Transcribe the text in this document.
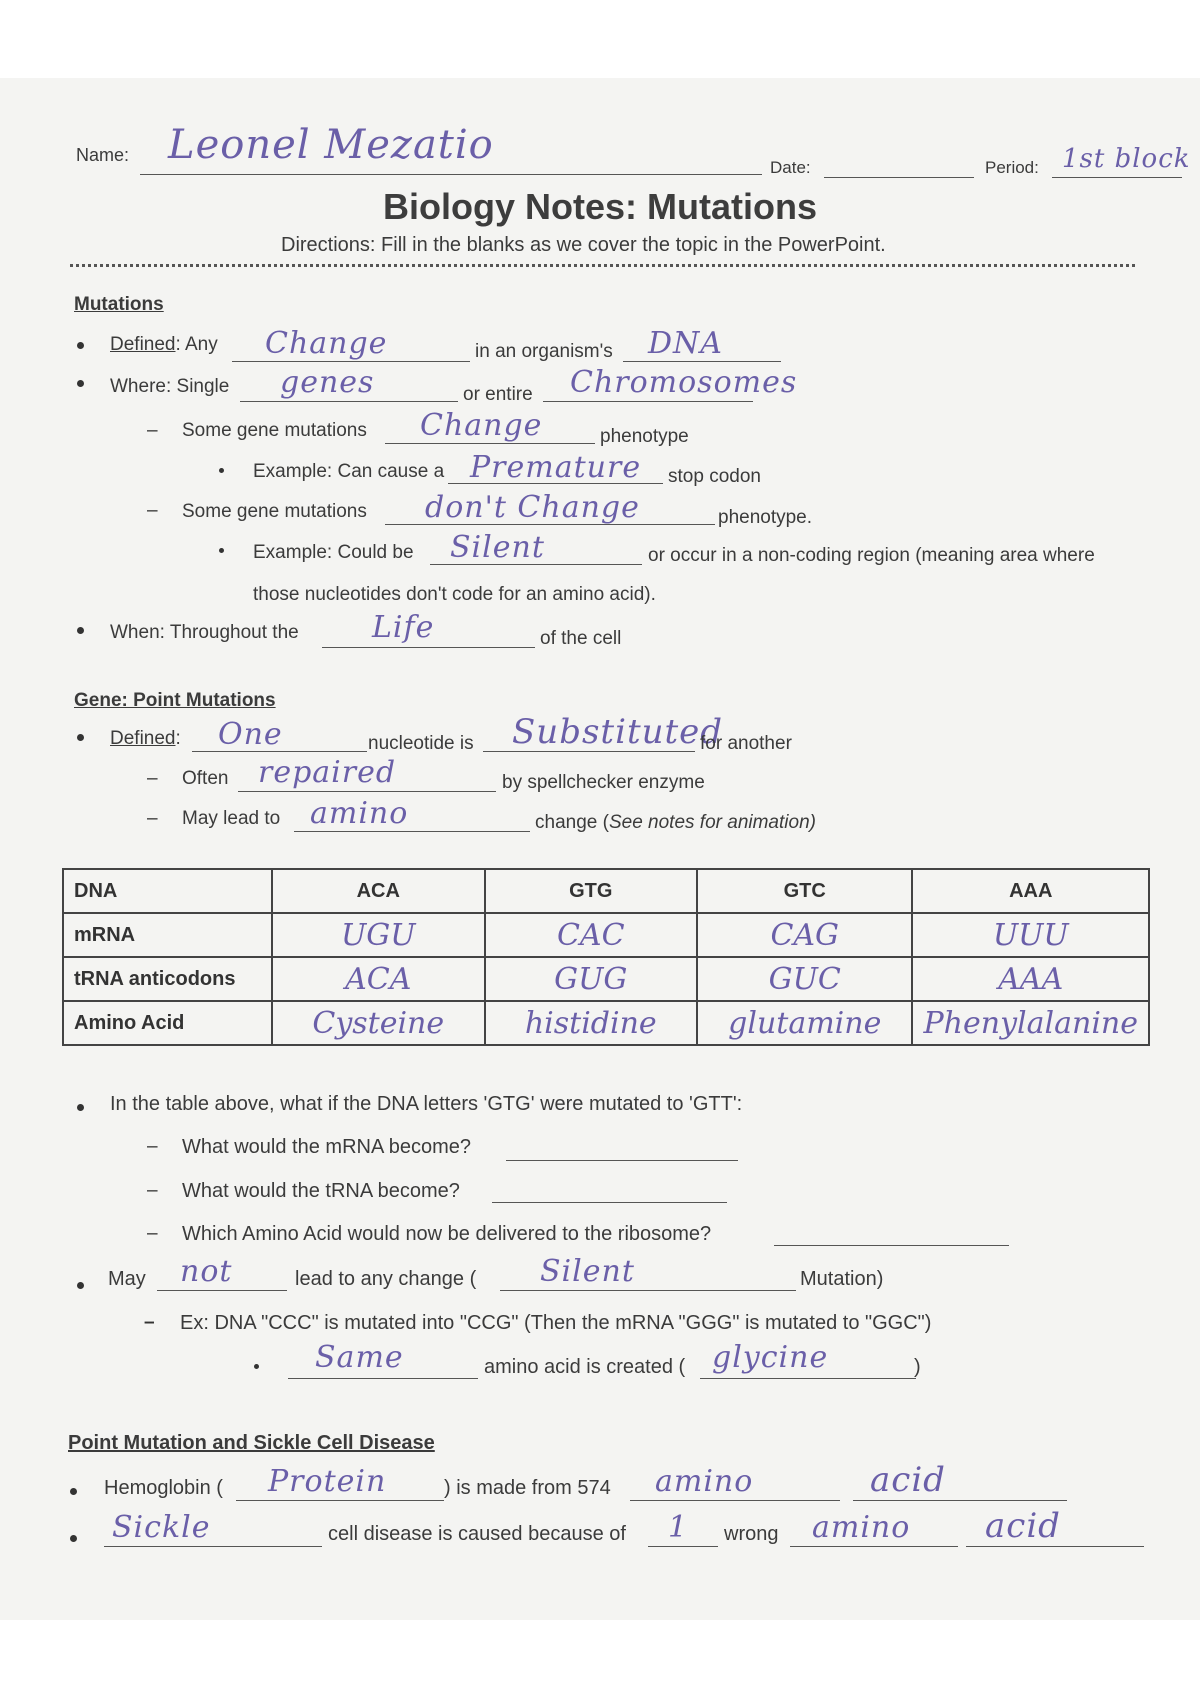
Name: Leonel Mezatio	Date:	Period: 1st block
Biology Notes: Mutations
Directions: Fill in the blanks as we cover the topic in the PowerPoint.
Mutations
Defined: Any Change	in an organism's DNA
Where: Single genes	or entire Chromosomes
– Some gene mutations Change	phenotype
Example: Can cause a Premature stop codon
– Some gene mutations don't Change	phenotype.
Example: Could be Silent	or occur in a non-coding region (meaning area where
those nucleotides don't code for an amino acid).
When: Throughout the Life	of the cell
Gene: Point Mutations
Defined: One	nucleotide is Substituted
for another
– Often repaired	by spellchecker enzyme
– May lead to amino	change (See notes for animation)
DNA	ACA	GTG	GTC	AAA
mRNA	UGU	CAC	CAG	UUU
tRNA anticodons	ACA	GUG	GUC	AAA
Amino Acid	Cysteine	histidine	glutamine	Phenylalanine
In the table above, what if the DNA letters 'GTG' were mutated to 'GTT':
– What would the mRNA become?
– What would the tRNA become?
– Which Amino Acid would now be delivered to the ribosome?
May not	lead to any change ( Silent	Mutation)
– Ex: DNA "CCC" is mutated into "CCG" (Then the mRNA "GGG" is mutated to "GGC")
Same	amino acid is created ( glycine	)
Point Mutation and Sickle Cell Disease
Hemoglobin ( Protein	) is made from 574 amino	acid
Sickle	cell disease is caused because of 1 wrong amino acid
